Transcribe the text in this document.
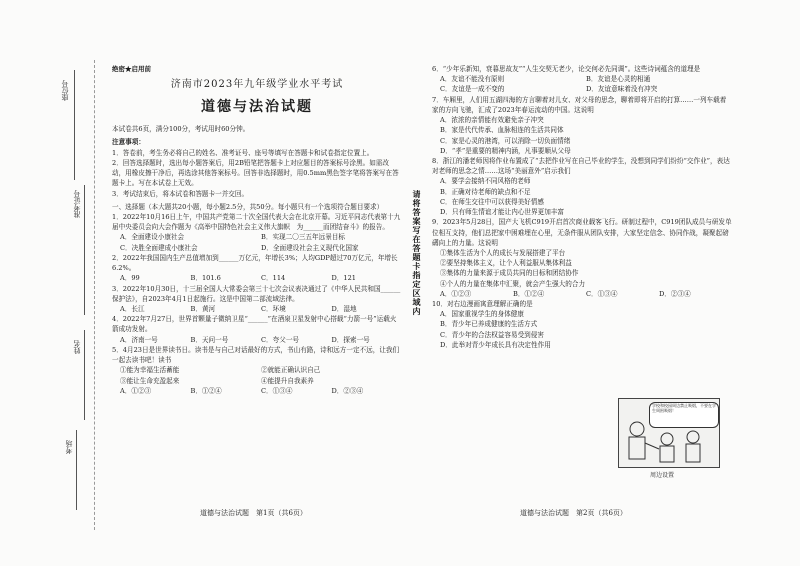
座位号
准考证号
姓名
考场
请将答案写在答题卡指定区域内

绝密★启用前

济南市2023年九年级学业水平考试

道德与法治试题

本试卷共6页，满分100分，考试用时60分钟。

注意事项：

1．答卷前，考生务必将自己的姓名、准考证号、座号等填写在答题卡和试卷指定位置上。

2．回答选择题时，选出每小题答案后，用2B铅笔把答题卡上对应题目的答案标号涂黑。如需改动，用橡皮擦干净后，再选涂其他答案标号。回答非选择题时，用0.5mm黑色签字笔将答案写在答题卡上。写在本试卷上无效。

3．考试结束后，将本试卷和答题卡一并交回。

一、选择题（本大题共20小题，每小题2.5分，共50分。每小题只有一个选项符合题目要求）

1．2022年10月16日上午，中国共产党第二十次全国代表大会在北京开幕。习近平同志代表第十九届中央委员会向大会作题为《高举中国特色社会主义伟大旗帜　为______而团结奋斗》的报告。

A．全面建设小康社会	B．实现二〇三五年远景目标
C．决胜全面建成小康社会	D．全面建设社会主义现代化国家

2．2022年我国国内生产总值增加到______万亿元，年增长3%；人均GDP超过70万亿元，年增长6.2%。

A．99	B．101.6	C．114	D．121

3．2022年10月30日，十三届全国人大常委会第三十七次会议表决通过了《中华人民共和国______保护法》，自2023年4月1日起施行。这是中国第二部流域法律。

A．长江	B．黄河	C．环境	D．湿地

4．2022年7月27日，世界首颗量子微纳卫星“______”在酒泉卫星发射中心搭载“力箭一号”运载火箭成功发射。

A．济南一号	B．天问一号	C．夸父一号	D．探索一号

5．4月23日是世界读书日。读书是与自己对话最好的方式，书山有路，诗和远方一定不远，让我们一起去读书吧！读书

①能为幸福生活蓄能	②就能正确认识自己
③能让生命充盈起来	④能提升自我素养
A．①②③	B．①②④	C．①③④	D．②③④
道德与法治试题　第1页（共6页）

6．“少年乐新知，衰暮思故友”“人生交契无老少，论交何必先同调”。这些诗词蕴含的道理是

A．友谊不能没有原则	B．友谊是心灵的相通
C．友谊是一成不变的	D．友谊意味着没有冲突

7．车厢里，人们用五湖四海的方言聊着对儿女、对父母的思念，聊着即将开启的打算……一列车载着家的方向飞驰，汇成了2023年春运流动的中国。这说明

A．浓浓的亲情能有效避免亲子冲突

B．家是代代传承、血脉相连的生活共同体

C．家是心灵的港湾，可以消除一切负面情绪

D．“孝”是重要的精神内涵，凡事要顺从父母

8．浙江的潘老师因将作业布置成了“去把作业写在自己毕业的学生，没想到同学们纷纷“交作业”，表达对老师的思念之情……这场“美丽意外”启示我们

A．要学会接纳不同风格的老师

B．正确对待老师的缺点和不足

C．在师生交往中可以获得美好情感

D．只有师生情谊才能让内心世界更加丰富

9．2023年5月28日，国产大飞机C919开启首次商业载客飞行。研制过程中，C919团队成员与研发单位相互支持，他们总把家中困难埋在心里，无条件服从团队安排，大家坚定信念、协同作战，凝聚起磅礴向上的力量。这说明

①集体生活为个人的成长与发展搭建了平台

②要坚持集体主义，让个人利益服从集体利益

③集体的力量来源于成员共同的目标和团结协作

④个人的力量在集体中汇聚，就会产生强大的合力

A．①②③	B．①②④	C．①③④	D．②③④

10．对右边漫画寓意理解正确的是

A．国家重视学生的身体健康

B．青少年已养成健康的生活方式

C．青少年的合法权益容易受到侵害

D．此举对青少年成长具有决定性作用

学校和校园周边禁止吸烟，不要在学生周围吸烟！
周边设置
道德与法治试题　第2页（共6页）
